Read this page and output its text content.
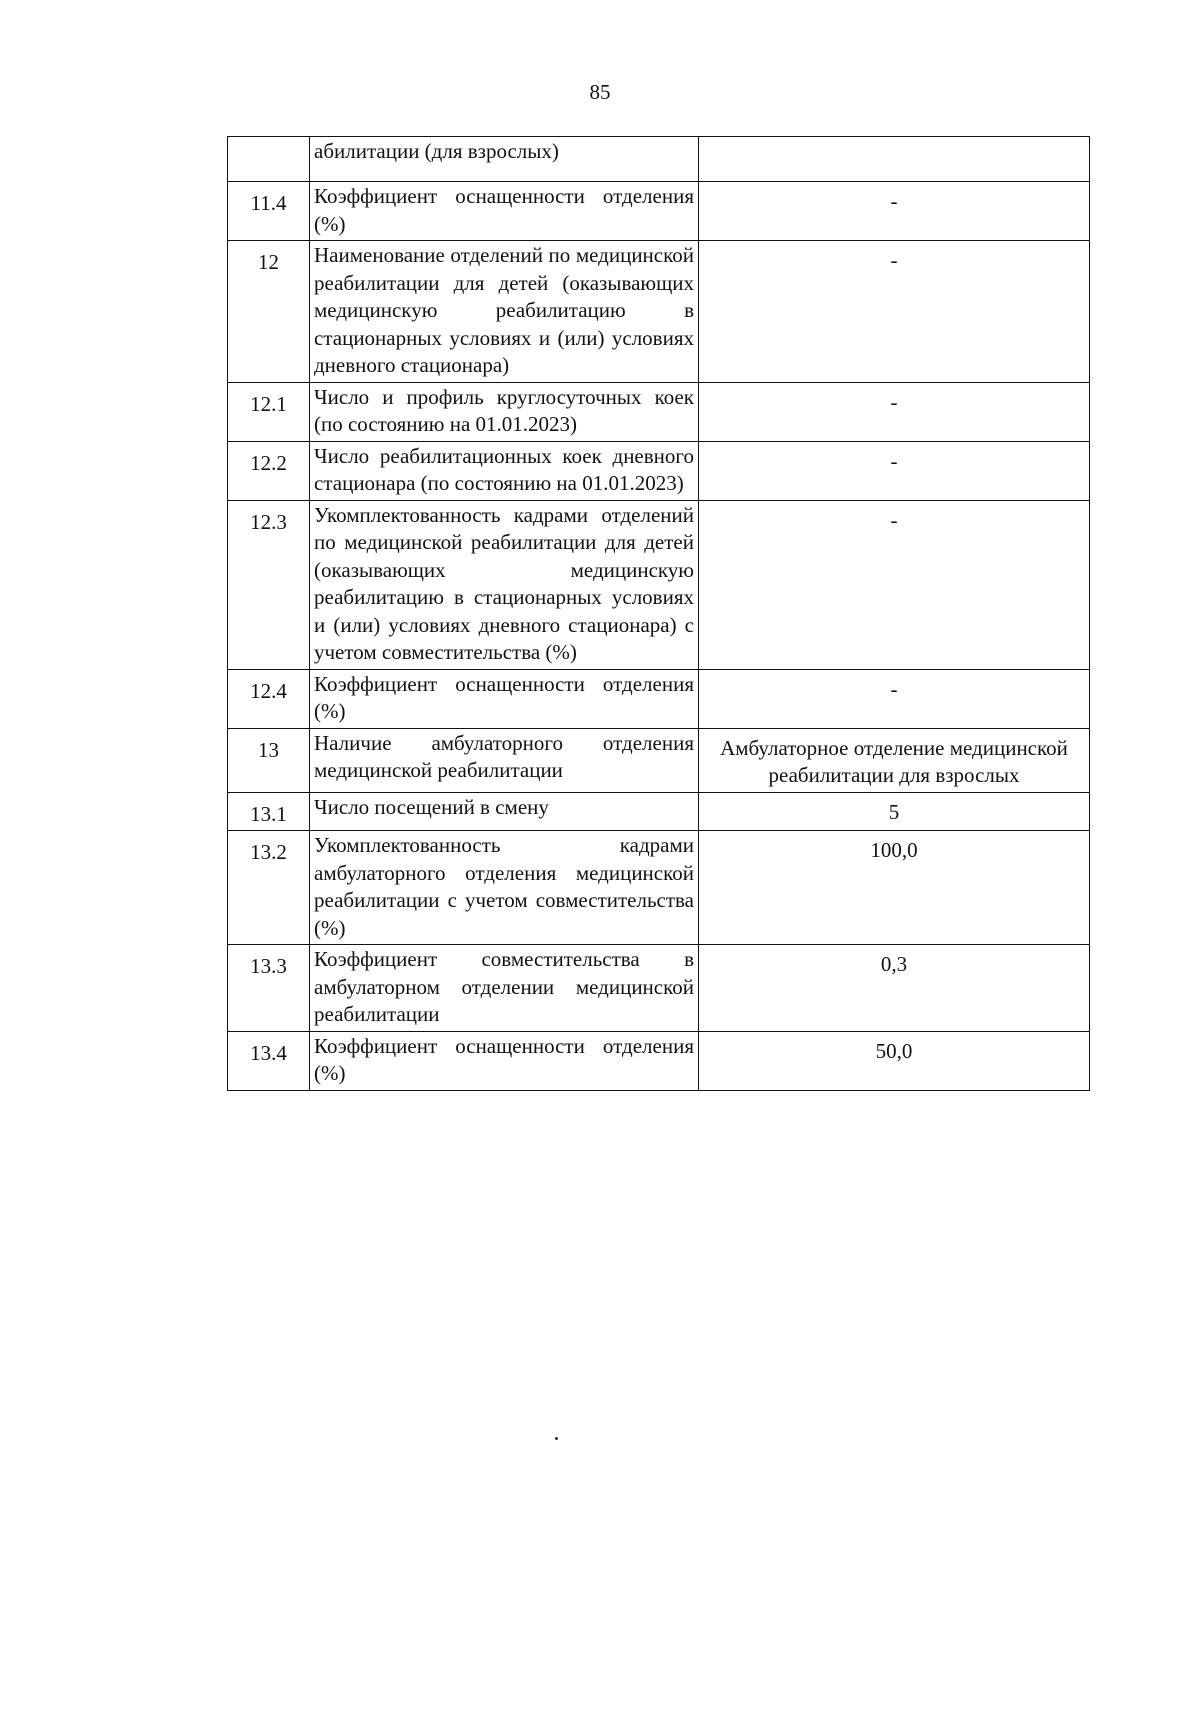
85
	абилитации (для взрослых)	
11.4	Коэффициент оснащенности отделения (%)	-
12	Наименование отделений по медицинской реабилитации для детей (оказывающих медицинскую реабилитацию в стационарных условиях и (или) условиях дневного стационара)	-
12.1	Число и профиль круглосуточных коек (по состоянию на 01.01.2023)	-
12.2	Число реабилитационных коек дневного стационара (по состоянию на 01.01.2023)	-
12.3	Укомплектованность кадрами отделений по медицинской реабилитации для детей (оказывающих медицинскую реабилитацию в стационарных условиях и (или) условиях дневного стационара) с учетом совместительства (%)	-
12.4	Коэффициент оснащенности отделения (%)	-
13	Наличие амбулаторного отделения медицинской реабилитации	Амбулаторное отделение медицинской реабилитации для взрослых
13.1	Число посещений в смену	5
13.2	Укомплектованность кадрами амбулаторного отделения медицинской реабилитации с учетом совместительства (%)	100,0
13.3	Коэффициент совместительства в амбулаторном отделении медицинской реабилитации	0,3
13.4	Коэффициент оснащенности отделения (%)	50,0
